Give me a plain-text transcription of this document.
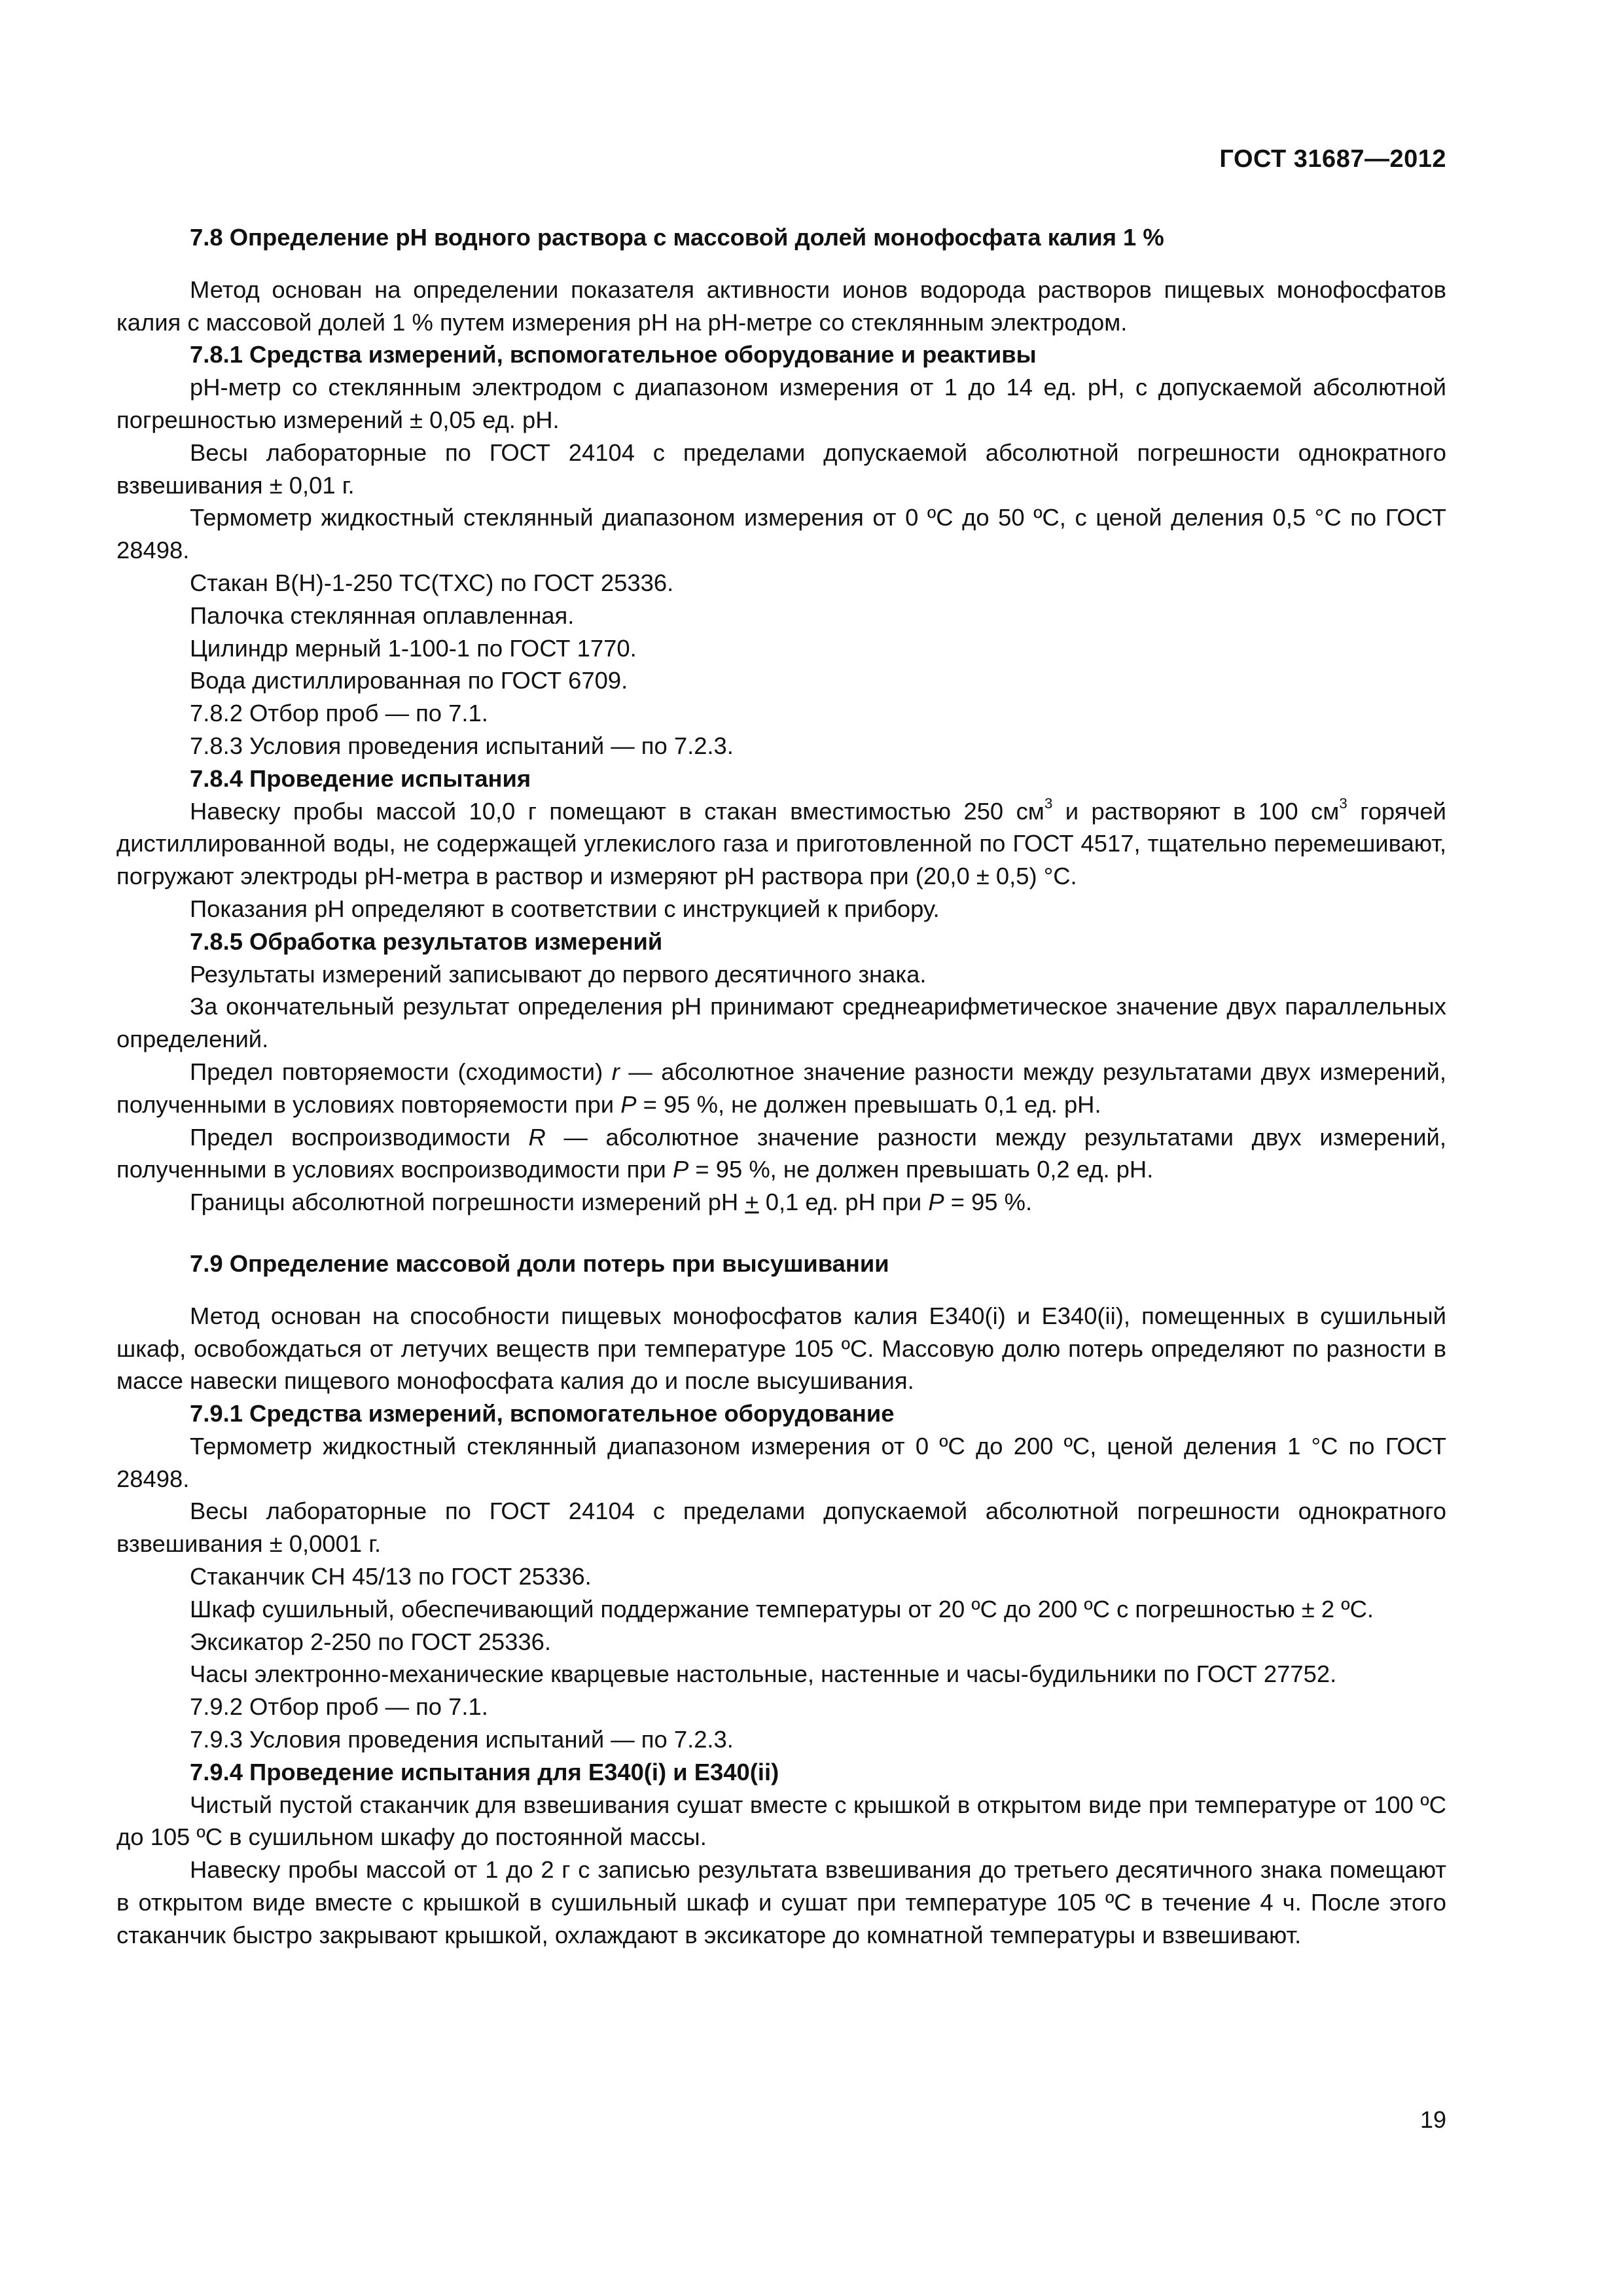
ГОСТ 31687—2012

7.8 Определение рН водного раствора с массовой долей монофосфата калия 1 %

Метод основан на определении показателя активности ионов водорода растворов пищевых монофосфатов калия с массовой долей 1 % путем измерения рН на рН-метре со стеклянным электродом.

7.8.1 Средства измерений, вспомогательное оборудование и реактивы

рН-метр со стеклянным электродом с диапазоном измерения от 1 до 14 ед. рН, с допускаемой абсолютной погрешностью измерений ± 0,05 ед. рН.

Весы лабораторные по ГОСТ 24104 с пределами допускаемой абсолютной погрешности однократного взвешивания ± 0,01 г.

Термометр жидкостный стеклянный диапазоном измерения от 0 ºС до 50 ºС, с ценой деления 0,5 °С по ГОСТ 28498.

Стакан В(Н)-1-250 ТС(ТХС) по ГОСТ 25336.

Палочка стеклянная оплавленная.

Цилиндр мерный 1-100-1 по ГОСТ 1770.

Вода дистиллированная по ГОСТ 6709.

7.8.2 Отбор проб — по 7.1.

7.8.3 Условия проведения испытаний — по 7.2.3.

7.8.4 Проведение испытания

Навеску пробы массой 10,0 г помещают в стакан вместимостью 250 $см^3$ и растворяют в 100 $см^3$ горячей дистиллированной воды, не содержащей углекислого газа и приготовленной по ГОСТ 4517, тщательно перемешивают, погружают электроды рН-метра в раствор и измеряют рН раствора при (20,0 ± 0,5) °С.

Показания рН определяют в соответствии с инструкцией к прибору.

7.8.5 Обработка результатов измерений

Результаты измерений записывают до первого десятичного знака.

За окончательный результат определения рН принимают среднеарифметическое значение двух параллельных определений.

Предел повторяемости (сходимости) r — абсолютное значение разности между результатами двух измерений, полученными в условиях повторяемости при Р = 95 %, не должен превышать 0,1 ед. рН.

Предел воспроизводимости R — абсолютное значение разности между результатами двух измерений, полученными в условиях воспроизводимости при Р = 95 %, не должен превышать 0,2 ед. рН.

Границы абсолютной погрешности измерений рН + 0,1 ед. рН при Р = 95 %.

7.9 Определение массовой доли потерь при высушивании

Метод основан на способности пищевых монофосфатов калия Е340(i) и Е340(ii), помещенных в сушильный шкаф, освобождаться от летучих веществ при температуре 105 ºС. Массовую долю потерь определяют по разности в массе навески пищевого монофосфата калия до и после высушивания.

7.9.1 Средства измерений, вспомогательное оборудование

Термометр жидкостный стеклянный диапазоном измерения от 0 ºС до 200 ºС, ценой деления 1 °С по ГОСТ 28498.

Весы лабораторные по ГОСТ 24104 с пределами допускаемой абсолютной погрешности однократного взвешивания ± 0,0001 г.

Стаканчик СН 45/13 по ГОСТ 25336.

Шкаф сушильный, обеспечивающий поддержание температуры от 20 ºС до 200 ºС с погрешностью ± 2 ºС.

Эксикатор 2-250 по ГОСТ 25336.

Часы электронно-механические кварцевые настольные, настенные и часы-будильники по ГОСТ 27752.

7.9.2 Отбор проб — по 7.1.

7.9.3 Условия проведения испытаний — по 7.2.3.

7.9.4 Проведение испытания для Е340(i) и Е340(ii)

Чистый пустой стаканчик для взвешивания сушат вместе с крышкой в открытом виде при температуре от 100 ºС до 105 ºС в сушильном шкафу до постоянной массы.

Навеску пробы массой от 1 до 2 г с записью результата взвешивания до третьего десятичного знака помещают в открытом виде вместе с крышкой в сушильный шкаф и сушат при температуре 105 ºС в течение 4 ч. После этого стаканчик быстро закрывают крышкой, охлаждают в эксикаторе до комнатной температуры и взвешивают.

19
